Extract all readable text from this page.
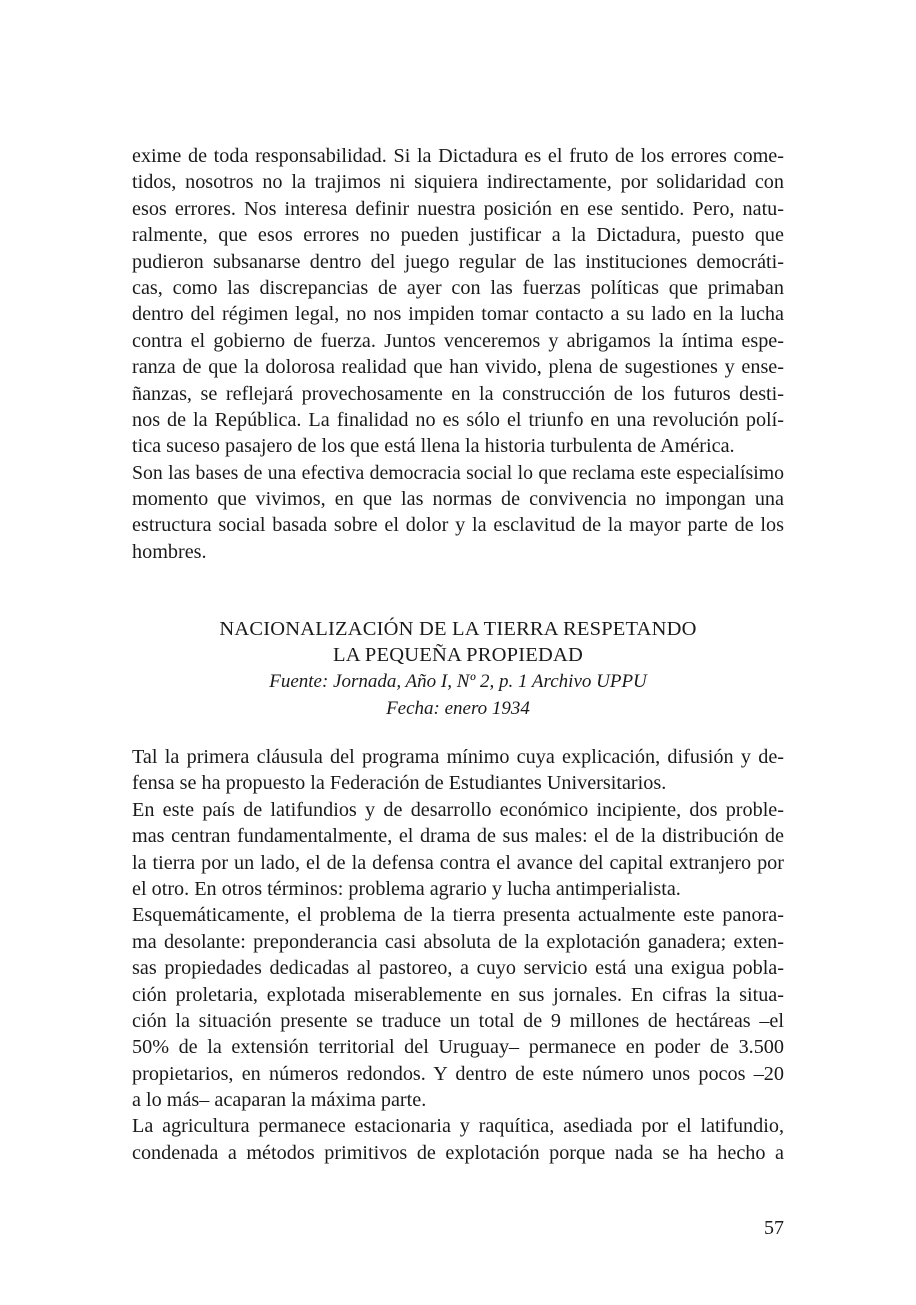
exime de toda responsabilidad. Si la Dictadura es el fruto de los errores come-
tidos, nosotros no la trajimos ni siquiera indirectamente, por solidaridad con
esos errores. Nos interesa definir nuestra posición en ese sentido. Pero, natu-
ralmente, que esos errores no pueden justificar a la Dictadura, puesto que
pudieron subsanarse dentro del juego regular de las instituciones democráti-
cas, como las discrepancias de ayer con las fuerzas políticas que primaban
dentro del régimen legal, no nos impiden tomar contacto a su lado en la lucha
contra el gobierno de fuerza. Juntos venceremos y abrigamos la íntima espe-
ranza de que la dolorosa realidad que han vivido, plena de sugestiones y ense-
ñanzas, se reflejará provechosamente en la construcción de los futuros desti-
nos de la República. La finalidad no es sólo el triunfo en una revolución polí-
tica suceso pasajero de los que está llena la historia turbulenta de América.
Son las bases de una efectiva democracia social lo que reclama este especialísimo
momento que vivimos, en que las normas de convivencia no impongan una
estructura social basada sobre el dolor y la esclavitud de la mayor parte de los
hombres.
NACIONALIZACIÓN DE LA TIERRA RESPETANDO
LA PEQUEÑA PROPIEDAD
Fuente: Jornada, Año I, Nº 2, p. 1 Archivo UPPU
Fecha: enero 1934
Tal la primera cláusula del programa mínimo cuya explicación, difusión y de-
fensa se ha propuesto la Federación de Estudiantes Universitarios.
En este país de latifundios y de desarrollo económico incipiente, dos proble-
mas centran fundamentalmente, el drama de sus males: el de la distribución de
la tierra por un lado, el de la defensa contra el avance del capital extranjero por
el otro. En otros términos: problema agrario y lucha antimperialista.
Esquemáticamente, el problema de la tierra presenta actualmente este panora-
ma desolante: preponderancia casi absoluta de la explotación ganadera; exten-
sas propiedades dedicadas al pastoreo, a cuyo servicio está una exigua pobla-
ción proletaria, explotada miserablemente en sus jornales. En cifras la situa-
ción la situación presente se traduce un total de 9 millones de hectáreas –el
50% de la extensión territorial del Uruguay– permanece en poder de 3.500
propietarios, en números redondos. Y dentro de este número unos pocos –20
a lo más– acaparan la máxima parte.
La agricultura permanece estacionaria y raquítica, asediada por el latifundio,
condenada a métodos primitivos de explotación porque nada se ha hecho a
57
